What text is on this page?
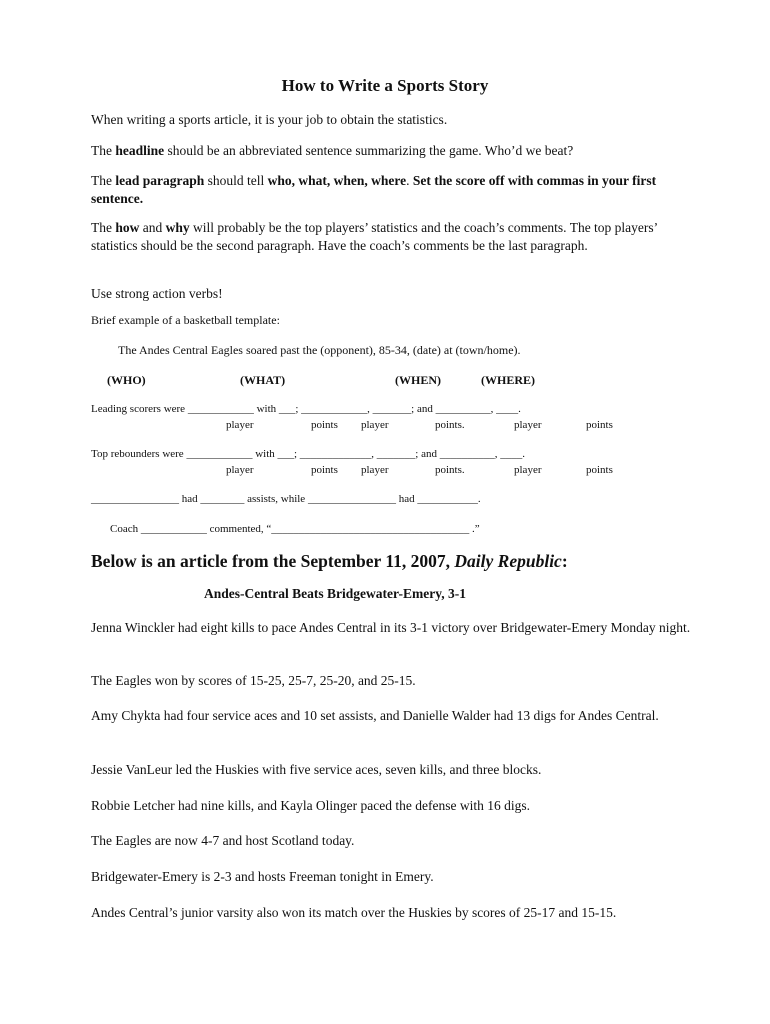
How to Write a Sports Story
When writing a sports article, it is your job to obtain the statistics.
The headline should be an abbreviated sentence summarizing the game. Who’d we beat?
The lead paragraph should tell who, what, when, where. Set the score off with commas in your first sentence.
The how and why will probably be the top players’ statistics and the coach’s comments. The top players’ statistics should be the second paragraph. Have the coach’s comments be the last paragraph.
Use strong action verbs!
Brief example of a basketball template:
The Andes Central Eagles soared past the (opponent), 85-34, (date) at (town/home).
(WHO)	(WHAT)	(WHEN)	(WHERE)
Leading scorers were ____________ with ___; ____________, _______; and __________, ____.
player	points player	points.	player	points
Top rebounders were ____________ with ___; _____________, _______; and __________, ____.
player	points player	points.	player	points
________________ had ________ assists, while ________________ had ___________.
Coach ____________ commented, “____________________________________ .”
Below is an article from the September 11, 2007, Daily Republic:
Andes-Central Beats Bridgewater-Emery, 3-1
Jenna Winckler had eight kills to pace Andes Central in its 3-1 victory over Bridgewater-Emery Monday night.
The Eagles won by scores of 15-25, 25-7, 25-20, and 25-15.
Amy Chykta had four service aces and 10 set assists, and Danielle Walder had 13 digs for Andes Central.
Jessie VanLeur led the Huskies with five service aces, seven kills, and three blocks.
Robbie Letcher had nine kills, and Kayla Olinger paced the defense with 16 digs.
The Eagles are now 4-7 and host Scotland today.
Bridgewater-Emery is 2-3 and hosts Freeman tonight in Emery.
Andes Central’s junior varsity also won its match over the Huskies by scores of 25-17 and 15-15.
